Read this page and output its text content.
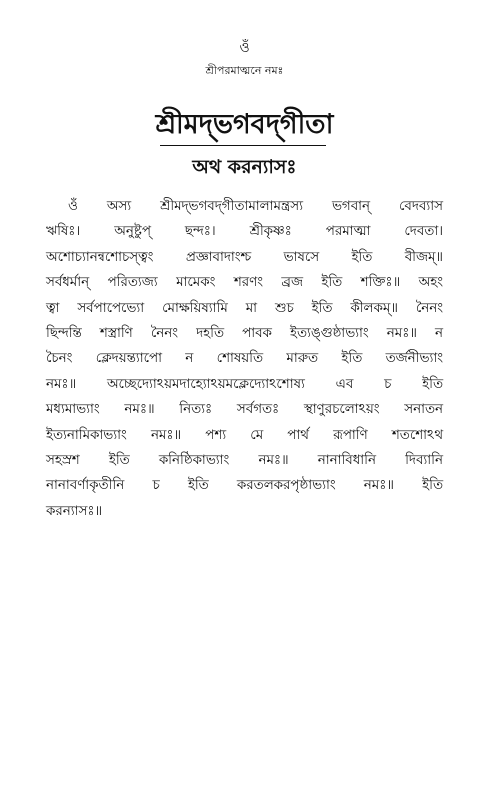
ওঁ
শ্রীপরমাত্মনে নমঃ
শ্রীমদ্‌ভগবদ্‌গীতা
অথ করন্যাসঃ
ওঁ অস্য শ্রীমদ্‌ভগবদ্‌গীতামালামন্ত্রস্য ভগবান্‌ বেদব্যাস
ঋষিঃ। অনুষ্টুপ্‌ ছন্দঃ। শ্রীকৃষ্ণঃ পরমাত্মা দেবতা।
অশোচ্যানন্বশোচস্ত্বং প্রজ্ঞাবাদাংশ্চ ভাষসে ইতি বীজম্‌॥
সর্বধর্মান্‌ পরিত্যজ্য মামেকং শরণং ব্রজ ইতি শক্তিঃ॥ অহং
ত্বা সর্বপাপেভ্যো মোক্ষয়িষ্যামি মা শুচ ইতি কীলকম্‌॥ নৈনং
ছিন্দন্তি শস্ত্রাণি নৈনং দহতি পাবক ইত্যঙ্গুষ্ঠাভ্যাং নমঃ॥ ন
চৈনং ক্লেদয়ন্ত্যাপো ন শোষয়তি মারুত ইতি তর্জনীভ্যাং
নমঃ॥ অচ্ছেদ্যোঽয়মদাহ্যোঽয়মক্লেদ্যোঽশোষ্য এব চ ইতি
মধ্যমাভ্যাং নমঃ॥ নিত্যঃ সর্বগতঃ স্থাণুরচলোঽয়ং সনাতন
ইত্যনামিকাভ্যাং নমঃ॥ পশ্য মে পার্থ রূপাণি শতশোঽথ
সহস্রশ ইতি কনিষ্ঠিকাভ্যাং নমঃ॥ নানাবিধানি দিব্যানি
নানাবর্ণাকৃতীনি চ ইতি করতলকরপৃষ্ঠাভ্যাং নমঃ॥ ইতি
করন্যাসঃ॥
